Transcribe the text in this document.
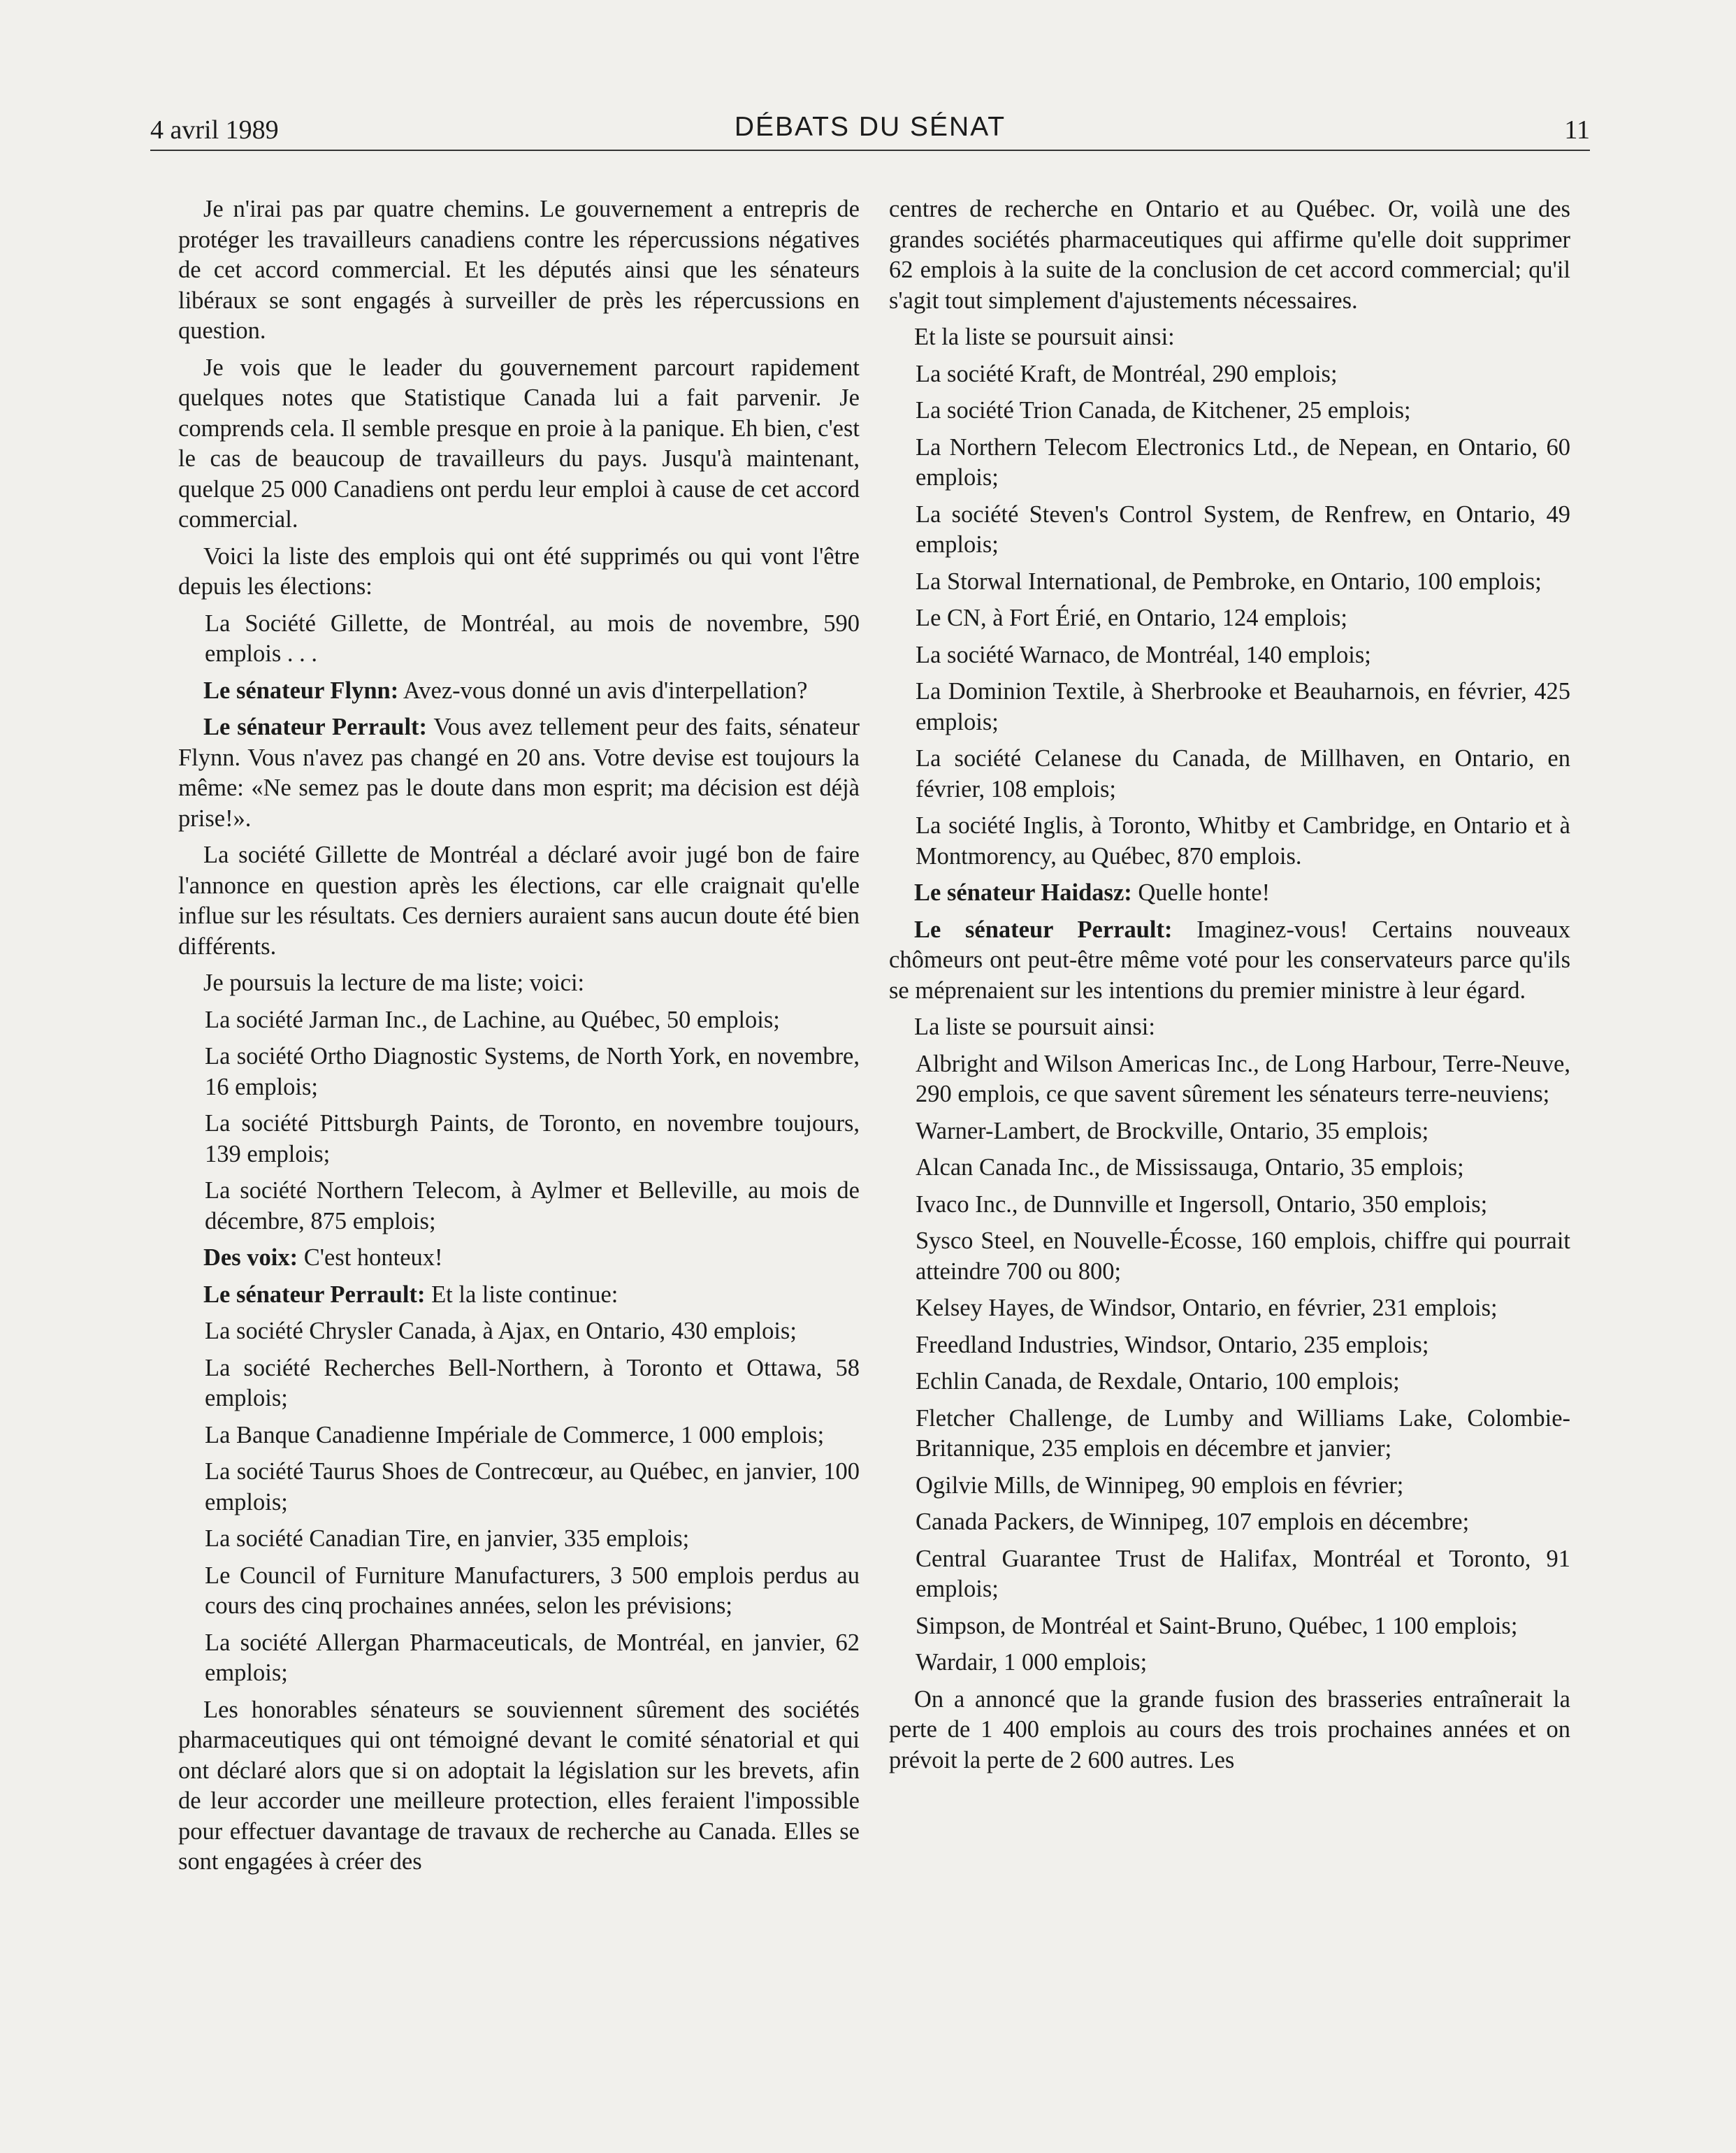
4 avril 1989	DÉBATS DU SÉNAT	11

Je n'irai pas par quatre chemins. Le gouvernement a entrepris de protéger les travailleurs canadiens contre les répercussions négatives de cet accord commercial. Et les députés ainsi que les sénateurs libéraux se sont engagés à surveiller de près les répercussions en question.

Je vois que le leader du gouvernement parcourt rapidement quelques notes que Statistique Canada lui a fait parvenir. Je comprends cela. Il semble presque en proie à la panique. Eh bien, c'est le cas de beaucoup de travailleurs du pays. Jusqu'à maintenant, quelque 25 000 Canadiens ont perdu leur emploi à cause de cet accord commercial.

Voici la liste des emplois qui ont été supprimés ou qui vont l'être depuis les élections:

La Société Gillette, de Montréal, au mois de novembre, 590 emplois . . .

Le sénateur Flynn: Avez-vous donné un avis d'interpellation?

Le sénateur Perrault: Vous avez tellement peur des faits, sénateur Flynn. Vous n'avez pas changé en 20 ans. Votre devise est toujours la même: «Ne semez pas le doute dans mon esprit; ma décision est déjà prise!».

La société Gillette de Montréal a déclaré avoir jugé bon de faire l'annonce en question après les élections, car elle craignait qu'elle influe sur les résultats. Ces derniers auraient sans aucun doute été bien différents.

Je poursuis la lecture de ma liste; voici:

La société Jarman Inc., de Lachine, au Québec, 50 emplois;

La société Ortho Diagnostic Systems, de North York, en novembre, 16 emplois;

La société Pittsburgh Paints, de Toronto, en novembre toujours, 139 emplois;

La société Northern Telecom, à Aylmer et Belleville, au mois de décembre, 875 emplois;

Des voix: C'est honteux!

Le sénateur Perrault: Et la liste continue:

La société Chrysler Canada, à Ajax, en Ontario, 430 emplois;

La société Recherches Bell-Northern, à Toronto et Ottawa, 58 emplois;

La Banque Canadienne Impériale de Commerce, 1 000 emplois;

La société Taurus Shoes de Contrecœur, au Québec, en janvier, 100 emplois;

La société Canadian Tire, en janvier, 335 emplois;

Le Council of Furniture Manufacturers, 3 500 emplois perdus au cours des cinq prochaines années, selon les prévisions;

La société Allergan Pharmaceuticals, de Montréal, en janvier, 62 emplois;

Les honorables sénateurs se souviennent sûrement des sociétés pharmaceutiques qui ont témoigné devant le comité sénatorial et qui ont déclaré alors que si on adoptait la législation sur les brevets, afin de leur accorder une meilleure protection, elles feraient l'impossible pour effectuer davantage de travaux de recherche au Canada. Elles se sont engagées à créer des

centres de recherche en Ontario et au Québec. Or, voilà une des grandes sociétés pharmaceutiques qui affirme qu'elle doit supprimer 62 emplois à la suite de la conclusion de cet accord commercial; qu'il s'agit tout simplement d'ajustements nécessaires.

Et la liste se poursuit ainsi:

La société Kraft, de Montréal, 290 emplois;

La société Trion Canada, de Kitchener, 25 emplois;

La Northern Telecom Electronics Ltd., de Nepean, en Ontario, 60 emplois;

La société Steven's Control System, de Renfrew, en Ontario, 49 emplois;

La Storwal International, de Pembroke, en Ontario, 100 emplois;

Le CN, à Fort Érié, en Ontario, 124 emplois;

La société Warnaco, de Montréal, 140 emplois;

La Dominion Textile, à Sherbrooke et Beauharnois, en février, 425 emplois;

La société Celanese du Canada, de Millhaven, en Ontario, en février, 108 emplois;

La société Inglis, à Toronto, Whitby et Cambridge, en Ontario et à Montmorency, au Québec, 870 emplois.

Le sénateur Haidasz: Quelle honte!

Le sénateur Perrault: Imaginez-vous! Certains nouveaux chômeurs ont peut-être même voté pour les conservateurs parce qu'ils se méprenaient sur les intentions du premier ministre à leur égard.

La liste se poursuit ainsi:

Albright and Wilson Americas Inc., de Long Harbour, Terre-Neuve, 290 emplois, ce que savent sûrement les sénateurs terre-neuviens;

Warner-Lambert, de Brockville, Ontario, 35 emplois;

Alcan Canada Inc., de Mississauga, Ontario, 35 emplois;

Ivaco Inc., de Dunnville et Ingersoll, Ontario, 350 emplois;

Sysco Steel, en Nouvelle-Écosse, 160 emplois, chiffre qui pourrait atteindre 700 ou 800;

Kelsey Hayes, de Windsor, Ontario, en février, 231 emplois;

Freedland Industries, Windsor, Ontario, 235 emplois;

Echlin Canada, de Rexdale, Ontario, 100 emplois;

Fletcher Challenge, de Lumby and Williams Lake, Colombie-Britannique, 235 emplois en décembre et janvier;

Ogilvie Mills, de Winnipeg, 90 emplois en février;

Canada Packers, de Winnipeg, 107 emplois en décembre;

Central Guarantee Trust de Halifax, Montréal et Toronto, 91 emplois;

Simpson, de Montréal et Saint-Bruno, Québec, 1 100 emplois;

Wardair, 1 000 emplois;

On a annoncé que la grande fusion des brasseries entraînerait la perte de 1 400 emplois au cours des trois prochaines années et on prévoit la perte de 2 600 autres. Les
